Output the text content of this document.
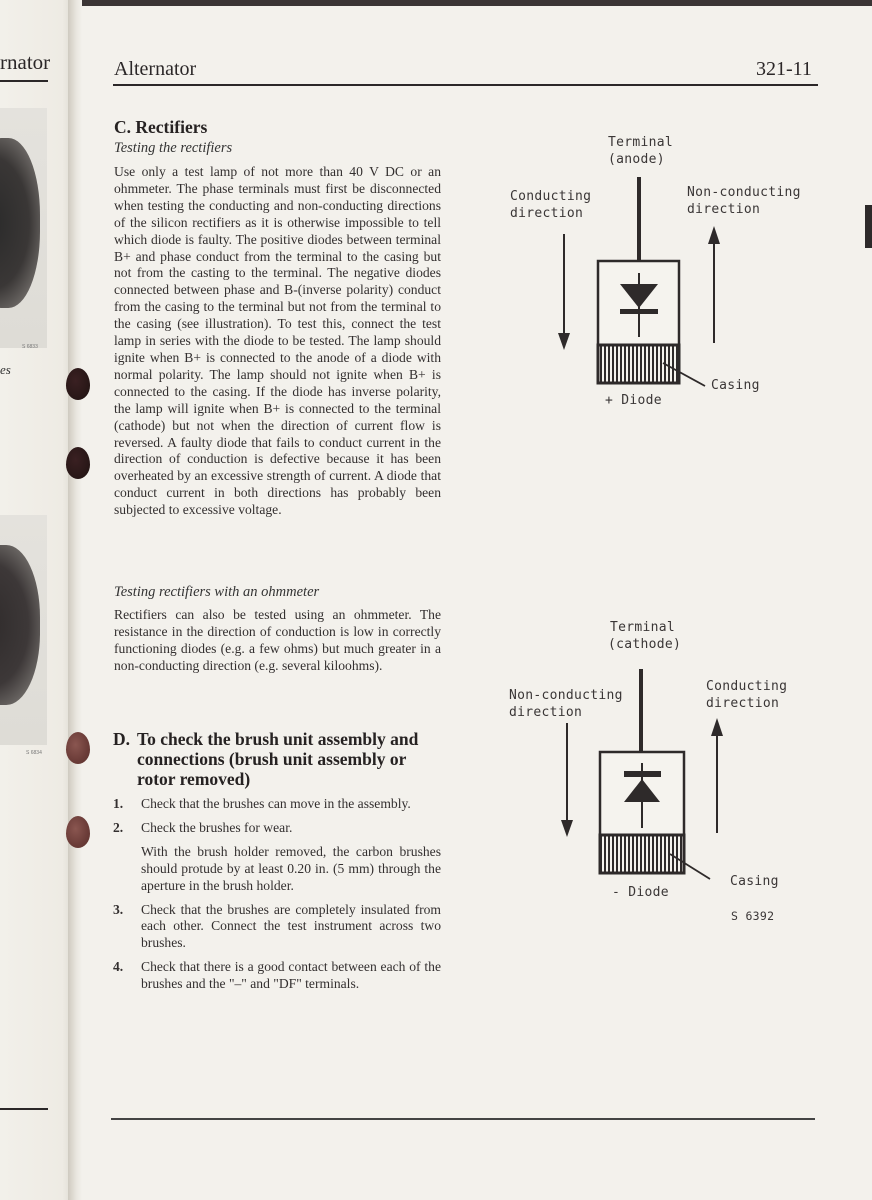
rnator
S 6833
es
S 6834
Alternator	321-11
C. Rectifiers

Testing the rectifiers

Use only a test lamp of not more than 40 V DC or an ohmmeter. The phase terminals must first be disconnected when testing the conducting and non-conducting directions of the silicon rectifiers as it is otherwise impossible to tell which diode is faulty. The positive diodes between terminal B+ and phase conduct from the terminal to the casing but not from the casting to the terminal. The negative diodes connected between phase and B-(inverse polarity) conduct from the casing to the terminal but not from the terminal to the casing (see illustration). To test this, connect the test lamp in series with the diode to be tested. The lamp should ignite when B+ is connected to the anode of a diode with normal polarity. The lamp should not ignite when B+ is connected to the casing. If the diode has inverse polarity, the lamp will ignite when B+ is connected to the terminal (cathode) but not when the direction of current flow is reversed. A faulty diode that fails to conduct current in the direction of conduction is defective because it has been overheated by an excessive strength of current. A diode that conduct current in both directions has probably been subjected to excessive voltage.

Testing rectifiers with an ohmmeter

Rectifiers can also be tested using an ohmmeter. The resistance in the direction of conduction is low in correctly functioning diodes (e.g. a few ohms) but much greater in a non-conducting direction (e.g. several kiloohms).

D. To check the brush unit assembly and connections (brush unit assembly or rotor removed)
1.	Check that the brushes can move in the assembly.
2.	Check the brushes for wear.
With the brush holder removed, the carbon brushes should protude by at least 0.20 in. (5 mm) through the aperture in the brush holder.
3.	Check that the brushes are completely insulated from each other. Connect the test instrument across two brushes.
4.	Check that there is a good contact between each of the brushes and the "–" and "DF" terminals.
Terminal
(anode)
Conducting
direction
Non-conducting
direction
Casing
+ Diode
Terminal
(cathode)
Non-conducting
direction
Conducting
direction
Casing
- Diode
S 6392
